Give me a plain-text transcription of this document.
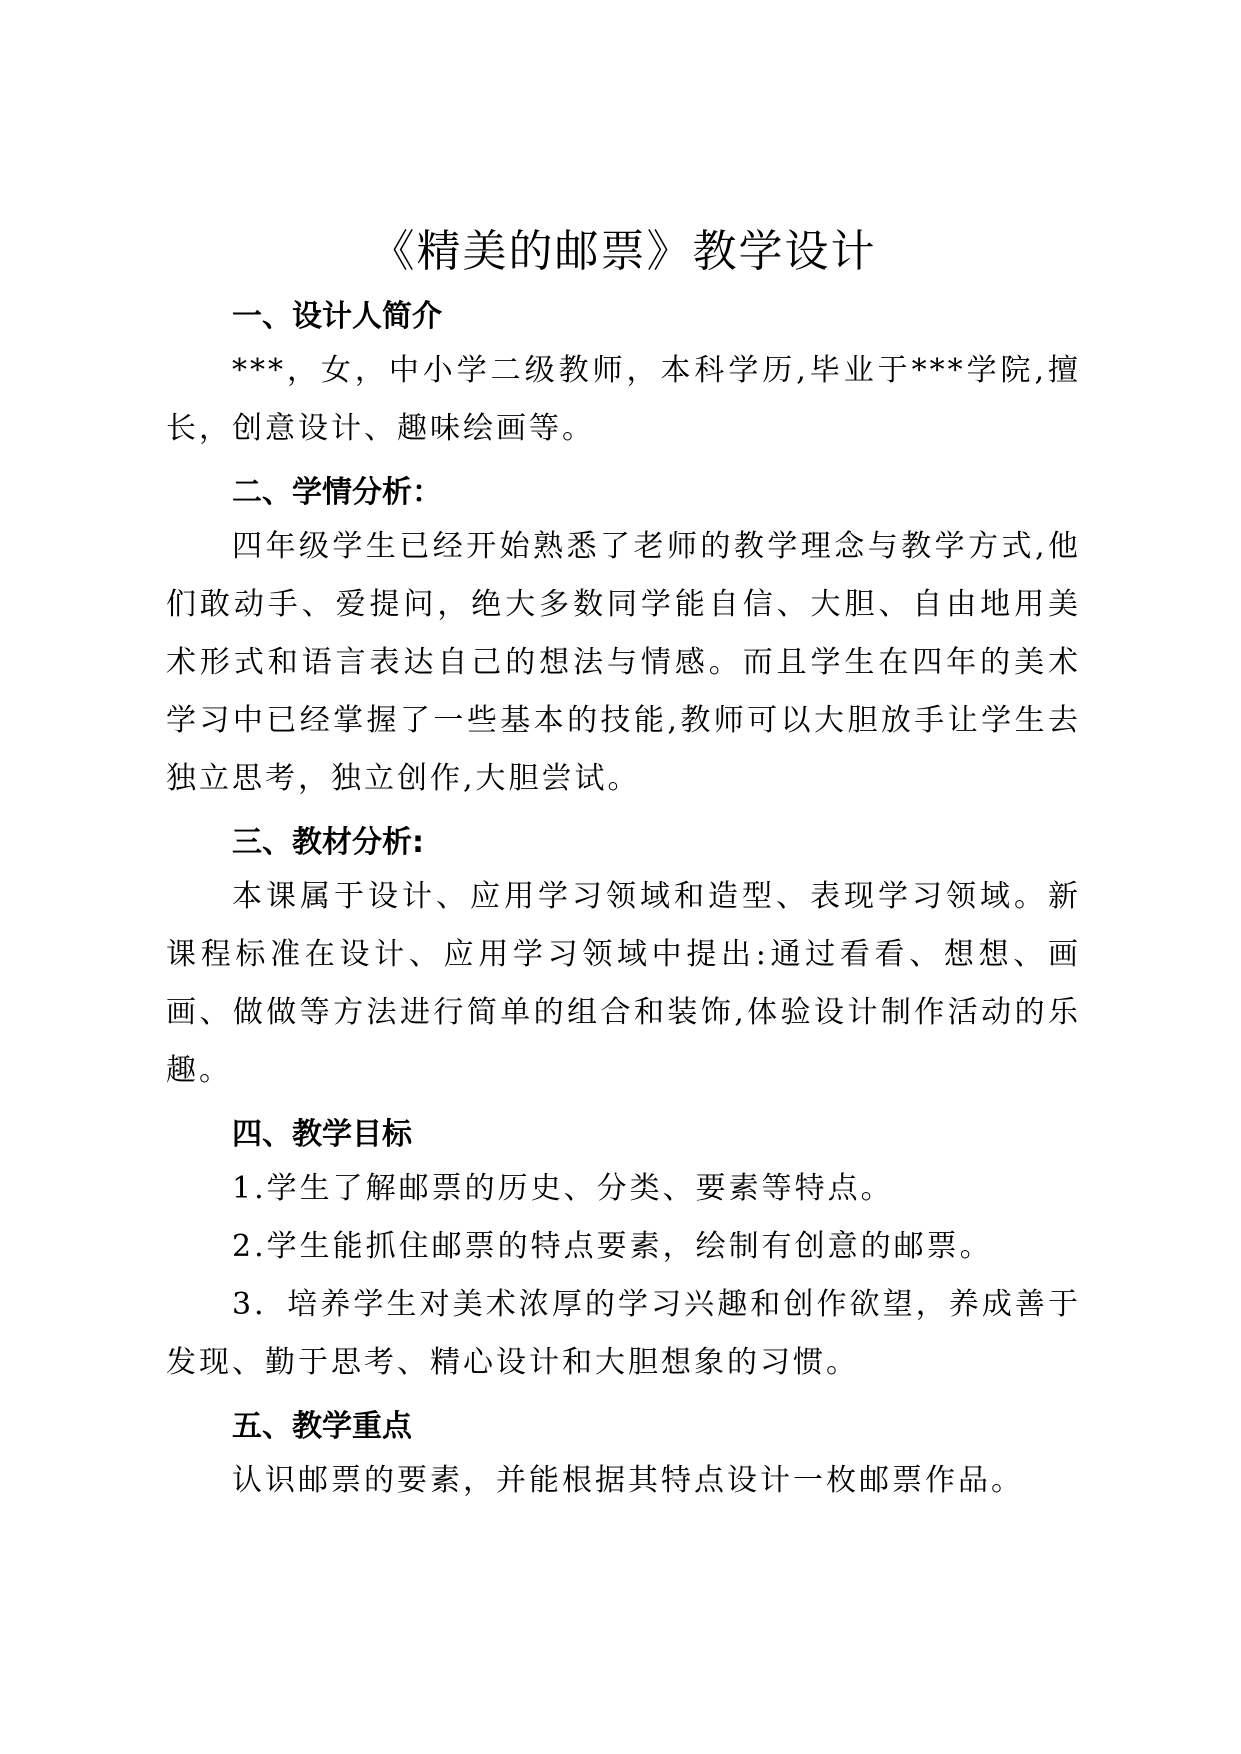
《精美的邮票》教学设计
一、设计人简介

***，女，中小学二级教师，本科学历,毕业于***学院,擅长，创意设计、趣味绘画等。

二、学情分析：

四年级学生已经开始熟悉了老师的教学理念与教学方式,他们敢动手、爱提问，绝大多数同学能自信、大胆、自由地用美术形式和语言表达自己的想法与情感。而且学生在四年的美术学习中已经掌握了一些基本的技能,教师可以大胆放手让学生去独立思考，独立创作,大胆尝试。

三、教材分析:

本课属于设计、应用学习领域和造型、表现学习领域。新课程标准在设计、应用学习领域中提出:通过看看、想想、画画、做做等方法进行简单的组合和装饰,体验设计制作活动的乐趣。

四、教学目标

1.学生了解邮票的历史、分类、要素等特点。

2.学生能抓住邮票的特点要素，绘制有创意的邮票。

3．培养学生对美术浓厚的学习兴趣和创作欲望，养成善于发现、勤于思考、精心设计和大胆想象的习惯。

五、教学重点

认识邮票的要素，并能根据其特点设计一枚邮票作品。
